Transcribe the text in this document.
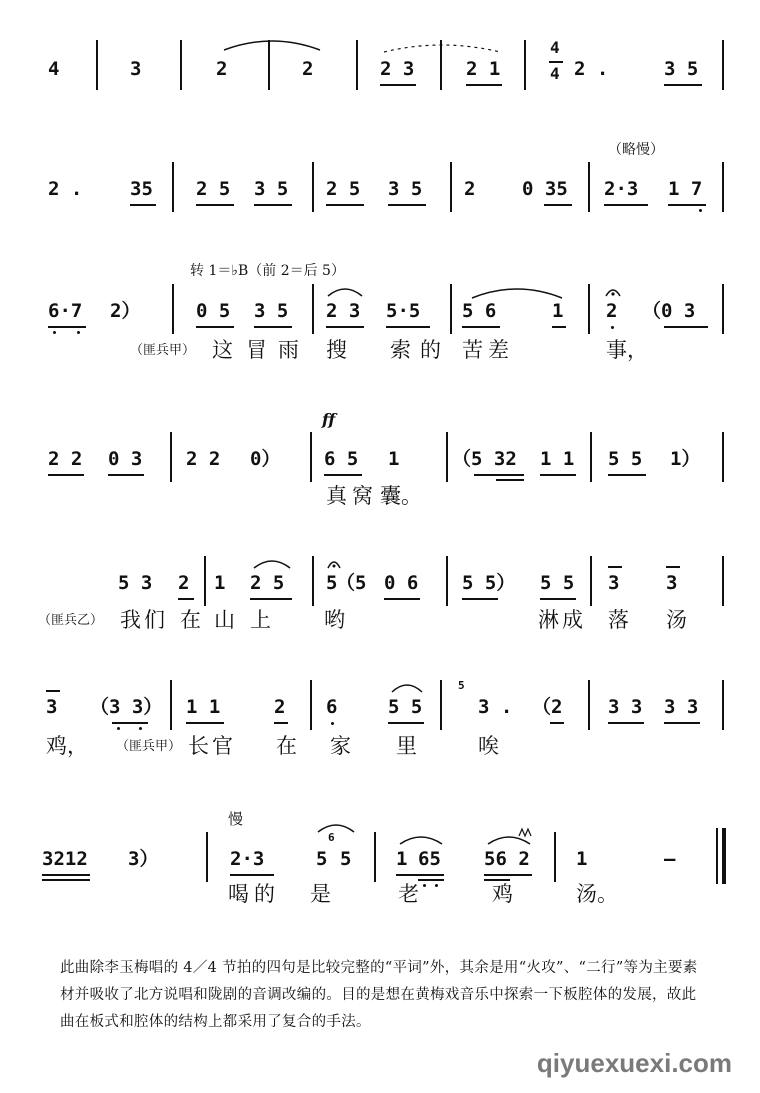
4	3	2	2	2 3	2 1
4
4 2 .	3 5
（略慢）
2 .	35 2 5 3 5 2 5 3 5 2 0 35 2·3 1 7
转 1＝♭B（前 2＝后 5）
6·7 2）	0 5 3 5 2 3 5·5 5 6	1 2 （0 3
（匪兵甲） 这 冒 雨 搜 索 的 苦 差	事，
ff
2 2 0 3 2 2 0） 6 5 1	（5 32 1 1 5 5 1）
真 窝 囊。
5 3 2 1 2 5 5
（5 0 6 5 5） 5 5 3 3
（匪兵乙） 我 们 在 山 上	哟	淋 成 落 汤
3 （3 3） 1 1	2 6	5 5
5
3 . （2 3 3 3 3
鸡， （匪兵甲） 长 官 在 家 里	唉
慢
3212 3）	2·3	5
6
5 1 65 56 2 1	—
喝 的 是	老	鸡	汤。
此曲除李玉梅唱的 4／4 节拍的四句是比较完整的“平词”外，其余是用“火攻”、“二行”等为主要素材并吸收了北方说唱和陇剧的音调改编的。目的是想在黄梅戏音乐中探索一下板腔体的发展，故此曲在板式和腔体的结构上都采用了复合的手法。
qiyuexuexi.com
